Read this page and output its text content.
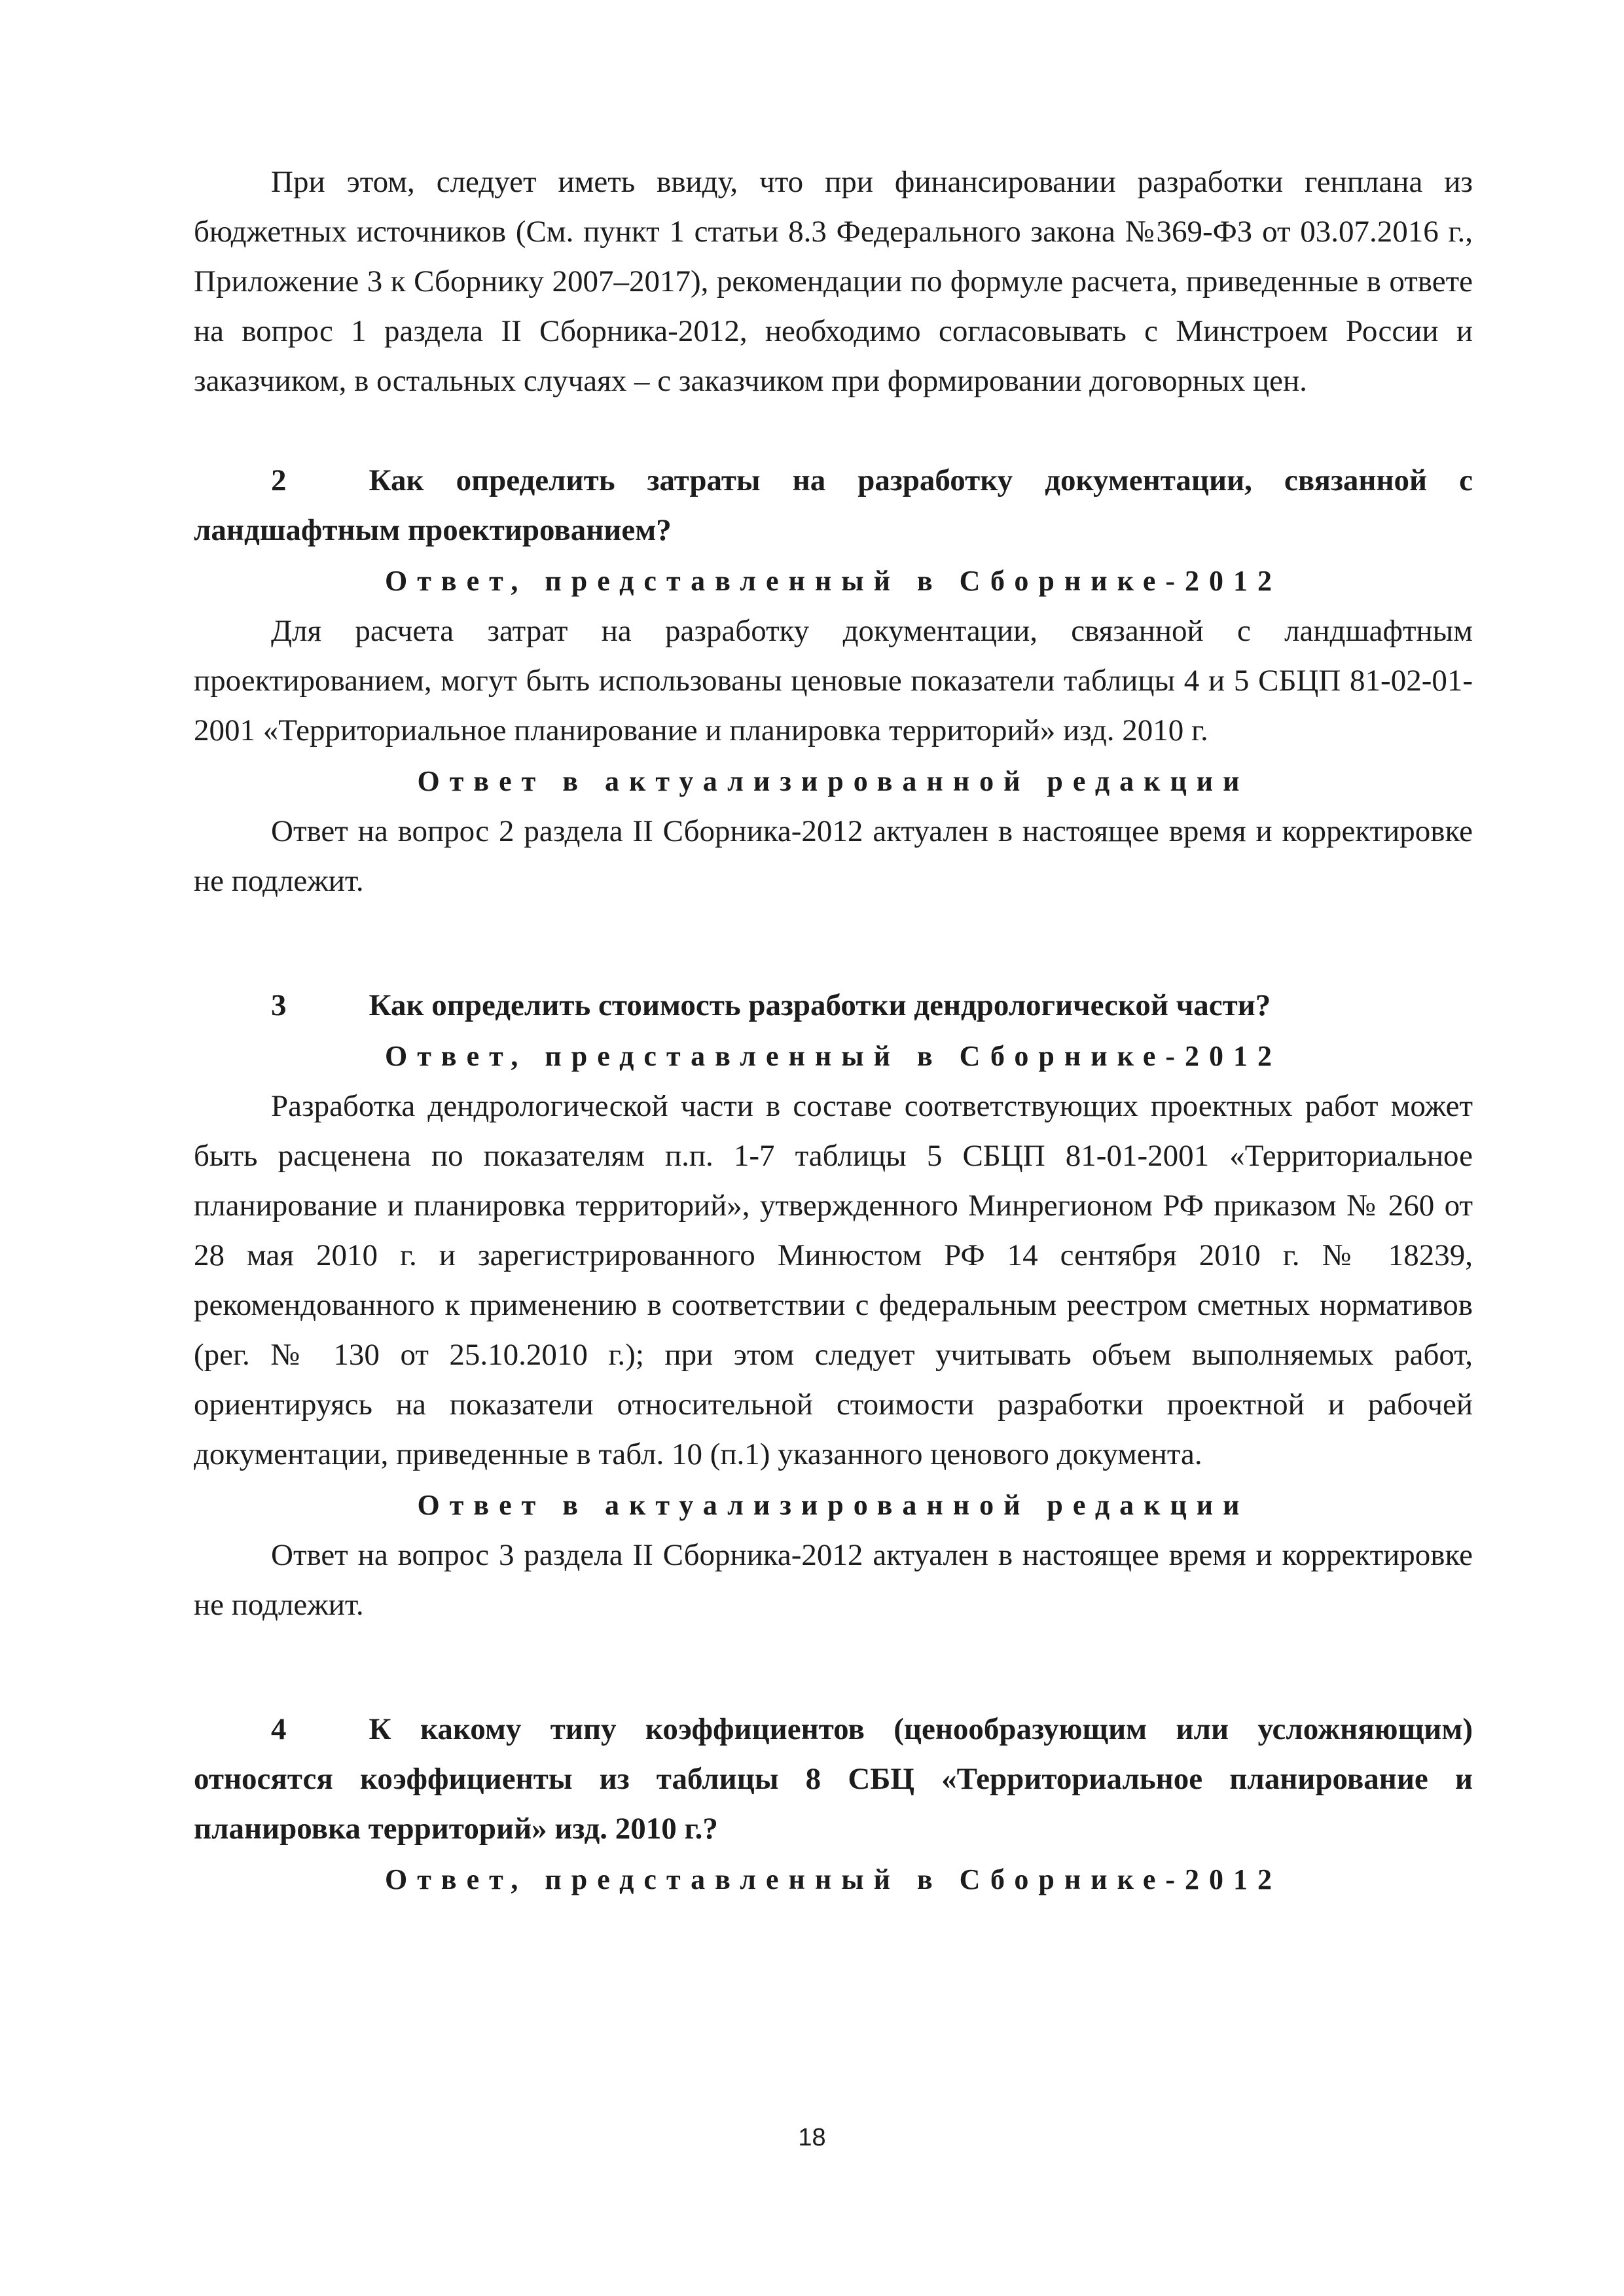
При этом, следует иметь ввиду, что при финансировании разработки генплана из бюджетных источников (См. пункт 1 статьи 8.3 Федерального закона №369-ФЗ от 03.07.2016 г., Приложение 3 к Сборнику 2007–2017), рекомендации по формуле расчета, приведенные в ответе на вопрос 1 раздела II Сборника-2012, необходимо согласовывать с Минстроем России и заказчиком, в остальных случаях – с заказчиком при формировании договорных цен.

2	Как определить затраты на разработку документации, связанной с ландшафтным проектированием?

Ответ, представленный в Сборнике-2012

Для расчета затрат на разработку документации, связанной с ландшафтным проектированием, могут быть использованы ценовые показатели таблицы 4 и 5 СБЦП 81-02-01-2001 «Территориальное планирование и планировка территорий» изд. 2010 г.

Ответ в актуализированной редакции

Ответ на вопрос 2 раздела II Сборника-2012 актуален в настоящее время и корректировке не подлежит.

3	Как определить стоимость разработки дендрологической части?

Ответ, представленный в Сборнике-2012

Разработка дендрологической части в составе соответствующих проектных работ может быть расценена по показателям п.п. 1-7 таблицы 5 СБЦП 81-01-2001 «Территориальное планирование и планировка территорий», утвержденного Минрегионом РФ приказом № 260 от 28 мая 2010 г. и зарегистрированного Минюстом РФ 14 сентября 2010 г. № 18239, рекомендованного к применению в соответствии с федеральным реестром сметных нормативов (рег. № 130 от 25.10.2010 г.); при этом следует учитывать объем выполняемых работ, ориентируясь на показатели относительной стоимости разработки проектной и рабочей документации, приведенные в табл. 10 (п.1) указанного ценового документа.

Ответ в актуализированной редакции

Ответ на вопрос 3 раздела II Сборника-2012 актуален в настоящее время и корректировке не подлежит.

4	К какому типу коэффициентов (ценообразующим или усложняющим) относятся коэффициенты из таблицы 8 СБЦ «Территориальное планирование и планировка территорий» изд. 2010 г.?

Ответ, представленный в Сборнике-2012

18
